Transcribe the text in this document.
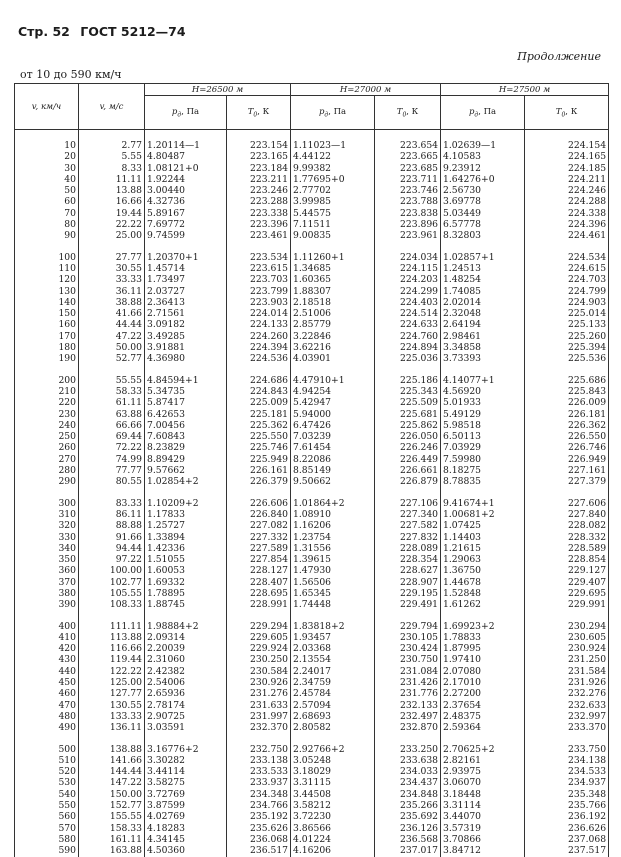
Стр. 52 ГОСТ 5212—74
Продолжение
от 10 до 590 км/ч
v, км/ч	v, м/с	H=26500 м		H=27000 м		H=27500 м	
		$p_д$, Па	$T_0$, К	$p_д$, Па	$T_0$, К	$p_д$, Па	$T_0$, К

10	2.77	1.20114—1	223.154	1.11023—1	223.654	1.02639—1	224.154
20	5.55	4.80487	223.165	4.44122	223.665	4.10583	224.165
30	8.33	1.08121+0	223.184	9.99382	223.685	9.23912	224.185
40	11.11	1.92244	223.211	1.77695+0	223.711	1.64276+0	224.211
50	13.88	3.00440	223.246	2.77702	223.746	2.56730	224.246
60	16.66	4.32736	223.288	3.99985	223.788	3.69778	224.288
70	19.44	5.89167	223.338	5.44575	223.838	5.03449	224.338
80	22.22	7.69772	223.396	7.11511	223.896	6.57778	224.396
90	25.00	9.74599	223.461	9.00835	223.961	8.32803	224.461

100	27.77	1.20370+1	223.534	1.11260+1	224.034	1.02857+1	224.534
110	30.55	1.45714	223.615	1.34685	224.115	1.24513	224.615
120	33.33	1.73497	223.703	1.60365	224.203	1.48254	224.703
130	36.11	2.03727	223.799	1.88307	224.299	1.74085	224.799
140	38.88	2.36413	223.903	2.18518	224.403	2.02014	224.903
150	41.66	2.71561	224.014	2.51006	224.514	2.32048	225.014
160	44.44	3.09182	224.133	2.85779	224.633	2.64194	225.133
170	47.22	3.49285	224.260	3.22846	224.760	2.98461	225.260
180	50.00	3.91881	224.394	3.62216	224.894	3.34858	225.394
190	52.77	4.36980	224.536	4.03901	225.036	3.73393	225.536

200	55.55	4.84594+1	224.686	4.47910+1	225.186	4.14077+1	225.686
210	58.33	5.34735	224.843	4.94254	225.343	4.56920	225.843
220	61.11	5.87417	225.009	5.42947	225.509	5.01933	226.009
230	63.88	6.42653	225.181	5.94000	225.681	5.49129	226.181
240	66.66	7.00456	225.362	6.47426	225.862	5.98518	226.362
250	69.44	7.60843	225.550	7.03239	226.050	6.50113	226.550
260	72.22	8.23829	225.746	7.61454	226.246	7.03929	226.746
270	74.99	8.89429	225.949	8.22086	226.449	7.59980	226.949
280	77.77	9.57662	226.161	8.85149	226.661	8.18275	227.161
290	80.55	1.02854+2	226.379	9.50662	226.879	8.78835	227.379

300	83.33	1.10209+2	226.606	1.01864+2	227.106	9.41674+1	227.606
310	86.11	1.17833	226.840	1.08910	227.340	1.00681+2	227.840
320	88.88	1.25727	227.082	1.16206	227.582	1.07425	228.082
330	91.66	1.33894	227.332	1.23754	227.832	1.14403	228.332
340	94.44	1.42336	227.589	1.31556	228.089	1.21615	228.589
350	97.22	1.51055	227.854	1.39615	228.354	1.29063	228.854
360	100.00	1.60053	228.127	1.47930	228.627	1.36750	229.127
370	102.77	1.69332	228.407	1.56506	228.907	1.44678	229.407
380	105.55	1.78895	228.695	1.65345	229.195	1.52848	229.695
390	108.33	1.88745	228.991	1.74448	229.491	1.61262	229.991

400	111.11	1.98884+2	229.294	1.83818+2	229.794	1.69923+2	230.294
410	113.88	2.09314	229.605	1.93457	230.105	1.78833	230.605
420	116.66	2.20039	229.924	2.03368	230.424	1.87995	230.924
430	119.44	2.31060	230.250	2.13554	230.750	1.97410	231.250
440	122.22	2.42382	230.584	2.24017	231.084	2.07080	231.584
450	125.00	2.54006	230.926	2.34759	231.426	2.17010	231.926
460	127.77	2.65936	231.276	2.45784	231.776	2.27200	232.276
470	130.55	2.78174	231.633	2.57094	232.133	2.37654	232.633
480	133.33	2.90725	231.997	2.68693	232.497	2.48375	232.997
490	136.11	3.03591	232.370	2.80582	232.870	2.59364	233.370

500	138.88	3.16776+2	232.750	2.92766+2	233.250	2.70625+2	233.750
510	141.66	3.30282	233.138	3.05248	233.638	2.82161	234.138
520	144.44	3.44114	233.533	3.18029	234.033	2.93975	234.533
530	147.22	3.58275	233.937	3.31115	234.437	3.06070	234.937
540	150.00	3.72769	234.348	3.44508	234.848	3.18448	235.348
550	152.77	3.87599	234.766	3.58212	235.266	3.31114	235.766
560	155.55	4.02769	235.192	3.72230	235.692	3.44070	236.192
570	158.33	4.18283	235.626	3.86566	236.126	3.57319	236.626
580	161.11	4.34145	236.068	4.01224	236.568	3.70866	237.068
590	163.88	4.50360	236.517	4.16206	237.017	3.84712	237.517
